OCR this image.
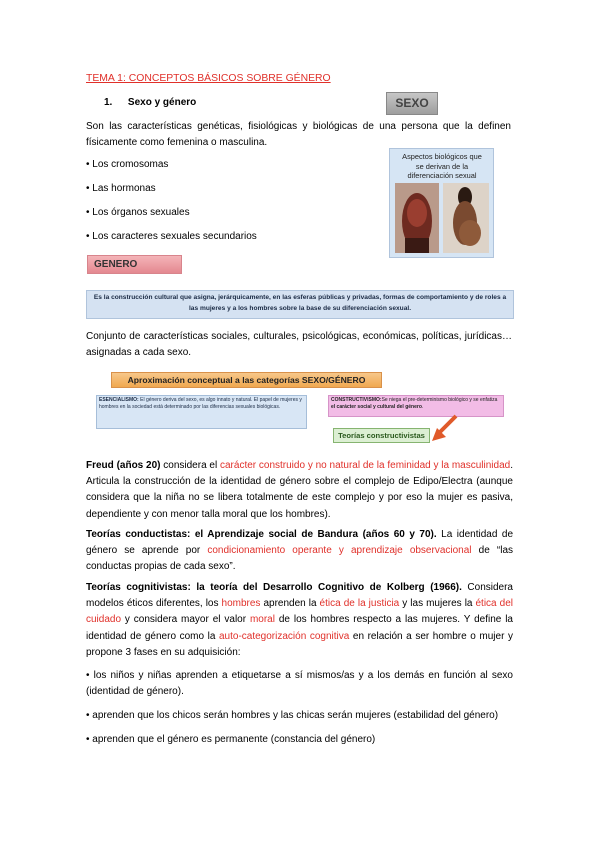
TEMA 1: CONCEPTOS BÁSICOS SOBRE GÉNERO
1. Sexo y género	SEXO
Son las características genéticas, fisiológicas y biológicas de una persona que la definen físicamente como femenina o masculina.
• Los cromosomas
• Las hormonas
• Los órganos sexuales
• Los caracteres sexuales secundarios
Aspectos biológicos que se derivan de la diferenciación sexual
GENERO
Es la construcción cultural que asigna, jerárquicamente, en las esferas públicas y privadas, formas de comportamiento y de roles a las mujeres y a los hombres sobre la base de su diferenciación sexual.
Conjunto de características sociales, culturales, psicológicas, económicas, políticas, jurídicas… asignadas a cada sexo.
Aproximación conceptual a las categorías SEXO/GÉNERO
ESENCIALISMO: El género deriva del sexo, es algo innato y natural. El papel de mujeres y hombres en la sociedad está determinado por las diferencias sexuales biológicas.
CONSTRUCTIVISMO:Se niega el pre-determinismo biológico y se enfatiza el carácter social y cultural del género.
Teorías constructivistas
Freud (años 20) considera el carácter construido y no natural de la feminidad y la masculinidad. Articula la construcción de la identidad de género sobre el complejo de Edipo/Electra (aunque considera que la niña no se libera totalmente de este complejo y por eso la mujer es pasiva, dependiente y con menor talla moral que los hombres).
Teorías conductistas: el Aprendizaje social de Bandura (años 60 y 70). La identidad de género se aprende por condicionamiento operante y aprendizaje observacional de “las conductas propias de cada sexo”.
Teorías cognitivistas: la teoría del Desarrollo Cognitivo de Kolberg (1966). Considera modelos éticos diferentes, los hombres aprenden la ética de la justicia y las mujeres la ética del cuidado y considera mayor el valor moral de los hombres respecto a las mujeres. Y define la identidad de género como la auto-categorización cognitiva en relación a ser hombre o mujer y propone 3 fases en su adquisición:
• los niños y niñas aprenden a etiquetarse a sí mismos/as y a los demás en función al sexo (identidad de género).
• aprenden que los chicos serán hombres y las chicas serán mujeres (estabilidad del género)
• aprenden que el género es permanente (constancia del género)
